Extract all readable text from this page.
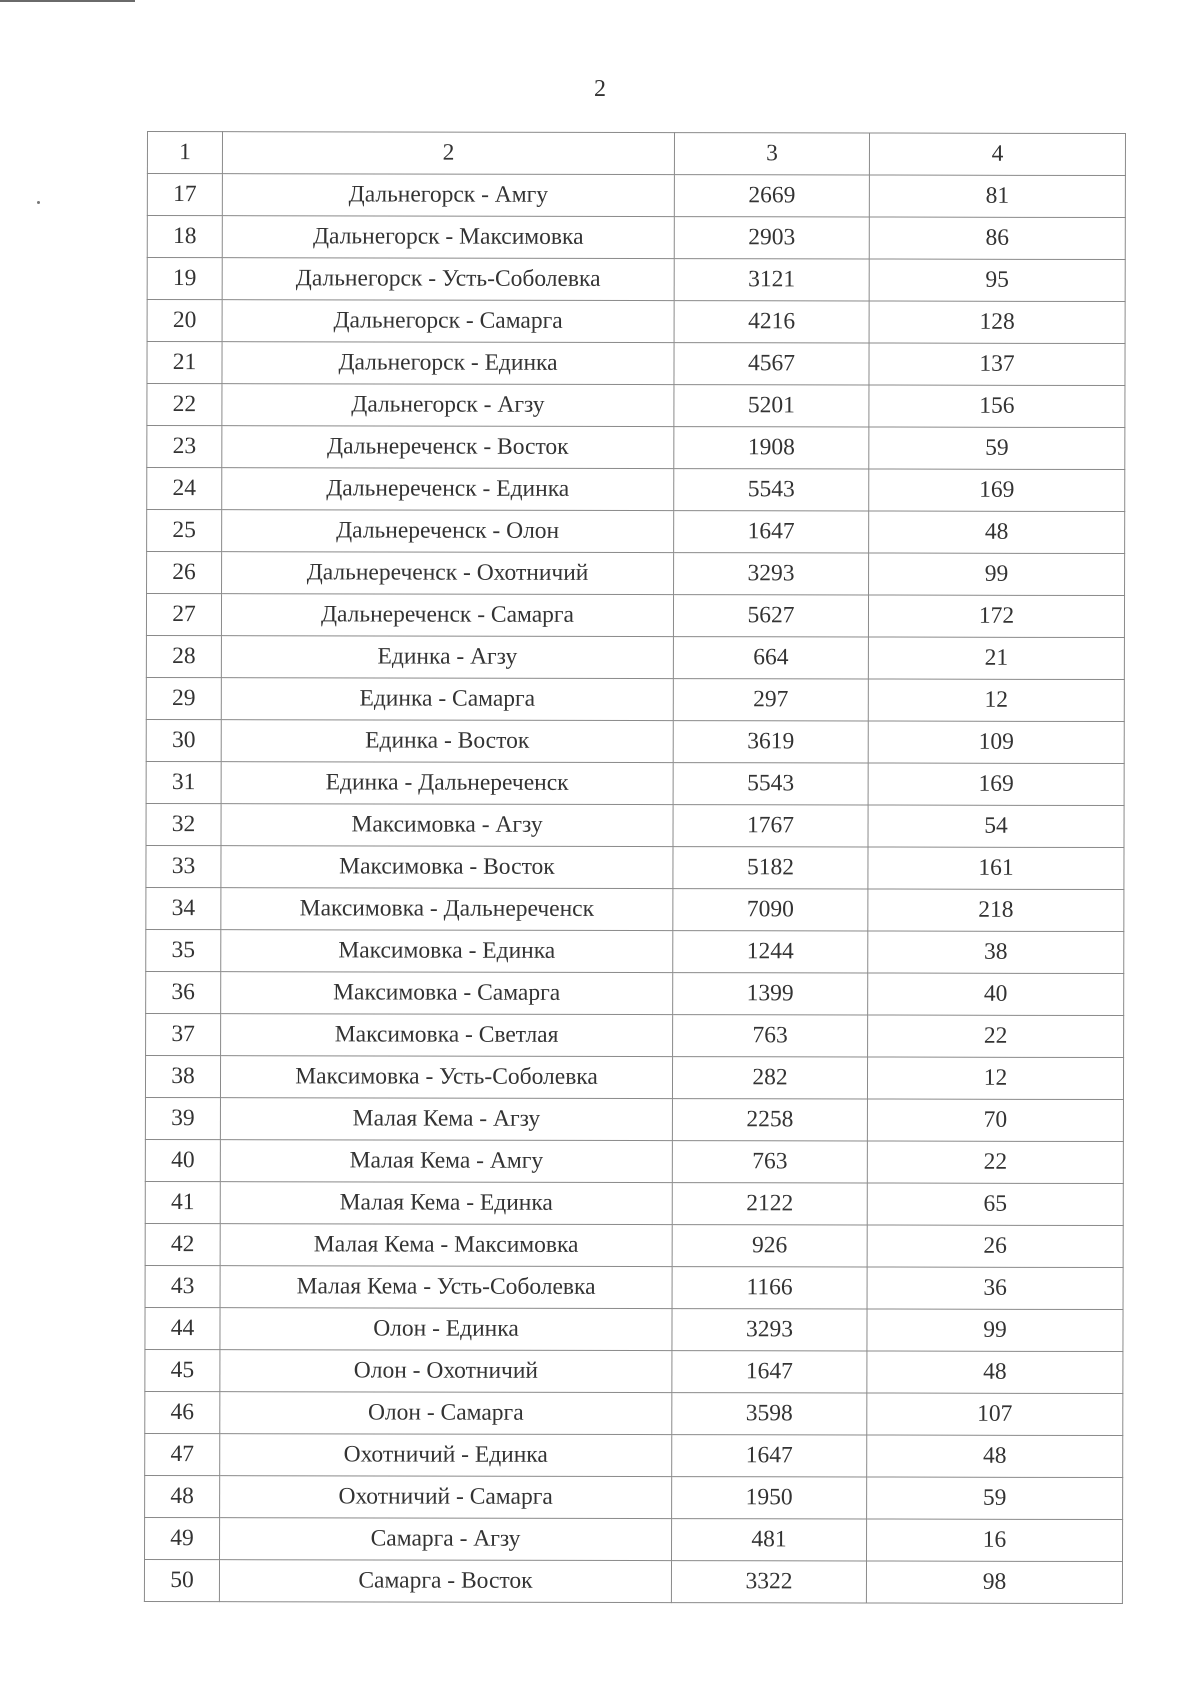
2
1	2	3	4
17	Дальнегорск - Амгу	2669	81
18	Дальнегорск - Максимовка	2903	86
19	Дальнегорск - Усть-Соболевка	3121	95
20	Дальнегорск - Самарга	4216	128
21	Дальнегорск - Единка	4567	137
22	Дальнегорск - Агзу	5201	156
23	Дальнереченск - Восток	1908	59
24	Дальнереченск - Единка	5543	169
25	Дальнереченск - Олон	1647	48
26	Дальнереченск - Охотничий	3293	99
27	Дальнереченск - Самарга	5627	172
28	Единка - Агзу	664	21
29	Единка - Самарга	297	12
30	Единка - Восток	3619	109
31	Единка - Дальнереченск	5543	169
32	Максимовка - Агзу	1767	54
33	Максимовка - Восток	5182	161
34	Максимовка - Дальнереченск	7090	218
35	Максимовка - Единка	1244	38
36	Максимовка - Самарга	1399	40
37	Максимовка - Светлая	763	22
38	Максимовка - Усть-Соболевка	282	12
39	Малая Кема - Агзу	2258	70
40	Малая Кема - Амгу	763	22
41	Малая Кема - Единка	2122	65
42	Малая Кема - Максимовка	926	26
43	Малая Кема - Усть-Соболевка	1166	36
44	Олон - Единка	3293	99
45	Олон - Охотничий	1647	48
46	Олон - Самарга	3598	107
47	Охотничий - Единка	1647	48
48	Охотничий - Самарга	1950	59
49	Самарга - Агзу	481	16
50	Самарга - Восток	3322	98
